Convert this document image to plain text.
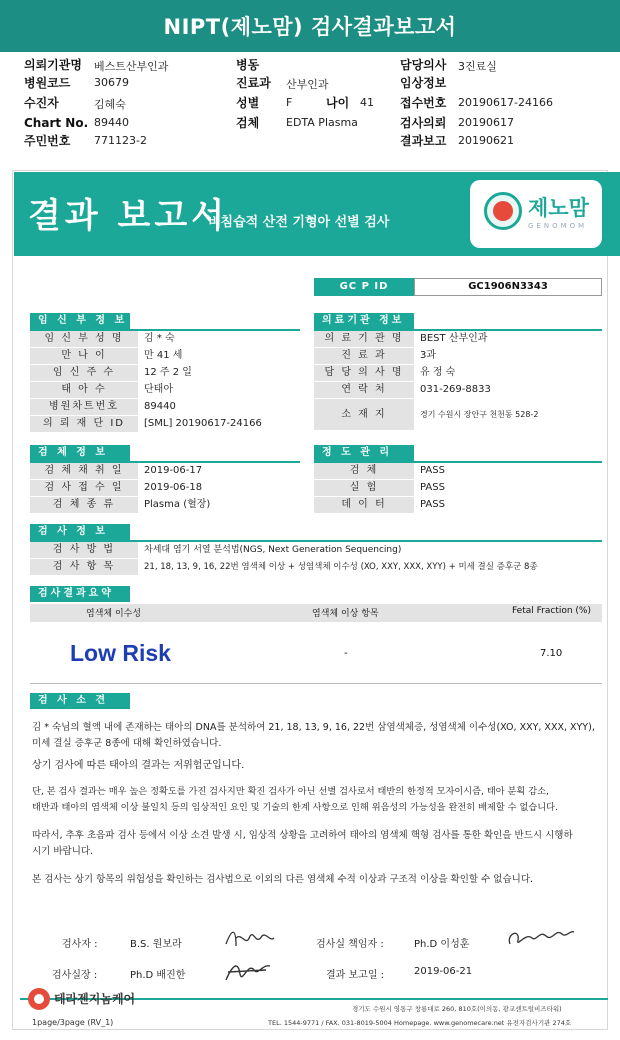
NIPT(제노맘) 검사결과보고서
의뢰기관명 베스트산부인과
병원코드 30679
수진자	김혜숙
Chart No. 89440
주민번호 771123-2
병동
진료과 산부인과
성별 F	나이 41
검체 EDTA Plasma
담당의사 3진료실
임상정보
접수번호 20190617-24166
검사의뢰 20190617
결과보고 20190621
결과 보고서
비침습적 산전 기형아 선별 검사
제노맘
GENOMOM
GC P ID	GC1906N3343
임 신 부 정 보
임 신 부 성 명	김 * 숙
만 나 이	만 41 세
임 신 주 수	12 주 2 일
태 아 수	단태아
병원차트번호	89440
의 뢰 재 단 ID	[SML] 20190617-24166
의료기관 정보
의 료 기 관 명	BEST 산부인과
진 료 과	3과
담 당 의 사 명	유 정 숙
연 락 처	031-269-8833
소 재 지	경기 수원시 장안구 천천동 528-2
검 체 정 보
검 체 채 취 일	2019-06-17
검 사 접 수 일	2019-06-18
검 체 종 류	Plasma (혈장)
정 도 관 리
검 체	PASS
실 험	PASS
데 이 터	PASS
검 사 정 보
검 사 방 법	차세대 염기 서열 분석법(NGS, Next Generation Sequencing)
검 사 항 목	21, 18, 13, 9, 16, 22번 염색체 이상 + 성염색체 이수성 (XO, XXY, XXX, XYY) + 미세 결실 증후군 8종
검사결과요약
염색체 이수성	염색체 이상 항목	Fetal Fraction (%)
Low Risk	-	7.10
검 사 소 견
김 * 숙님의 혈액 내에 존재하는 태아의 DNA를 분석하여 21, 18, 13, 9, 16, 22번 삼염색체증, 성염색체 이수성(XO, XXY, XXX, XYY),
미세 결실 증후군 8종에 대해 확인하였습니다.
상기 검사에 따른 태아의 결과는 저위험군입니다.
단, 본 검사 결과는 매우 높은 정확도를 가진 검사지만 확진 검사가 아닌 선별 검사로서 태반의 한정적 모자이시즘, 태아 분획 감소,
태반과 태아의 염색체 이상 불일치 등의 임상적인 요인 및 기술의 한계 사항으로 인해 위음성의 가능성을 완전히 배제할 수 없습니다.
따라서, 추후 초음파 검사 등에서 이상 소견 발생 시, 임상적 상황을 고려하여 태아의 염색체 핵형 검사를 통한 확인을 반드시 시행하
시기 바랍니다.
본 검사는 상기 항목의 위험성을 확인하는 검사법으로 이외의 다른 염색체 수적 이상과 구조적 이상을 확인할 수 없습니다.
검사자 :	B.S. 원보라	검사실 책임자 :	Ph.D 이성훈
검사실장 :	Ph.D 배진한	결과 보고일 :	2019-06-21
테라젠지놈케어
경기도 수원시 영통구 창룡대로 260, 810호(이의동, 광교센트럴비즈타워)
TEL. 1544-9771 / FAX. 031-8019-5004 Homepage. www.genomecare.net 유전자검사기관 274호
1page/3page (RV_1)
